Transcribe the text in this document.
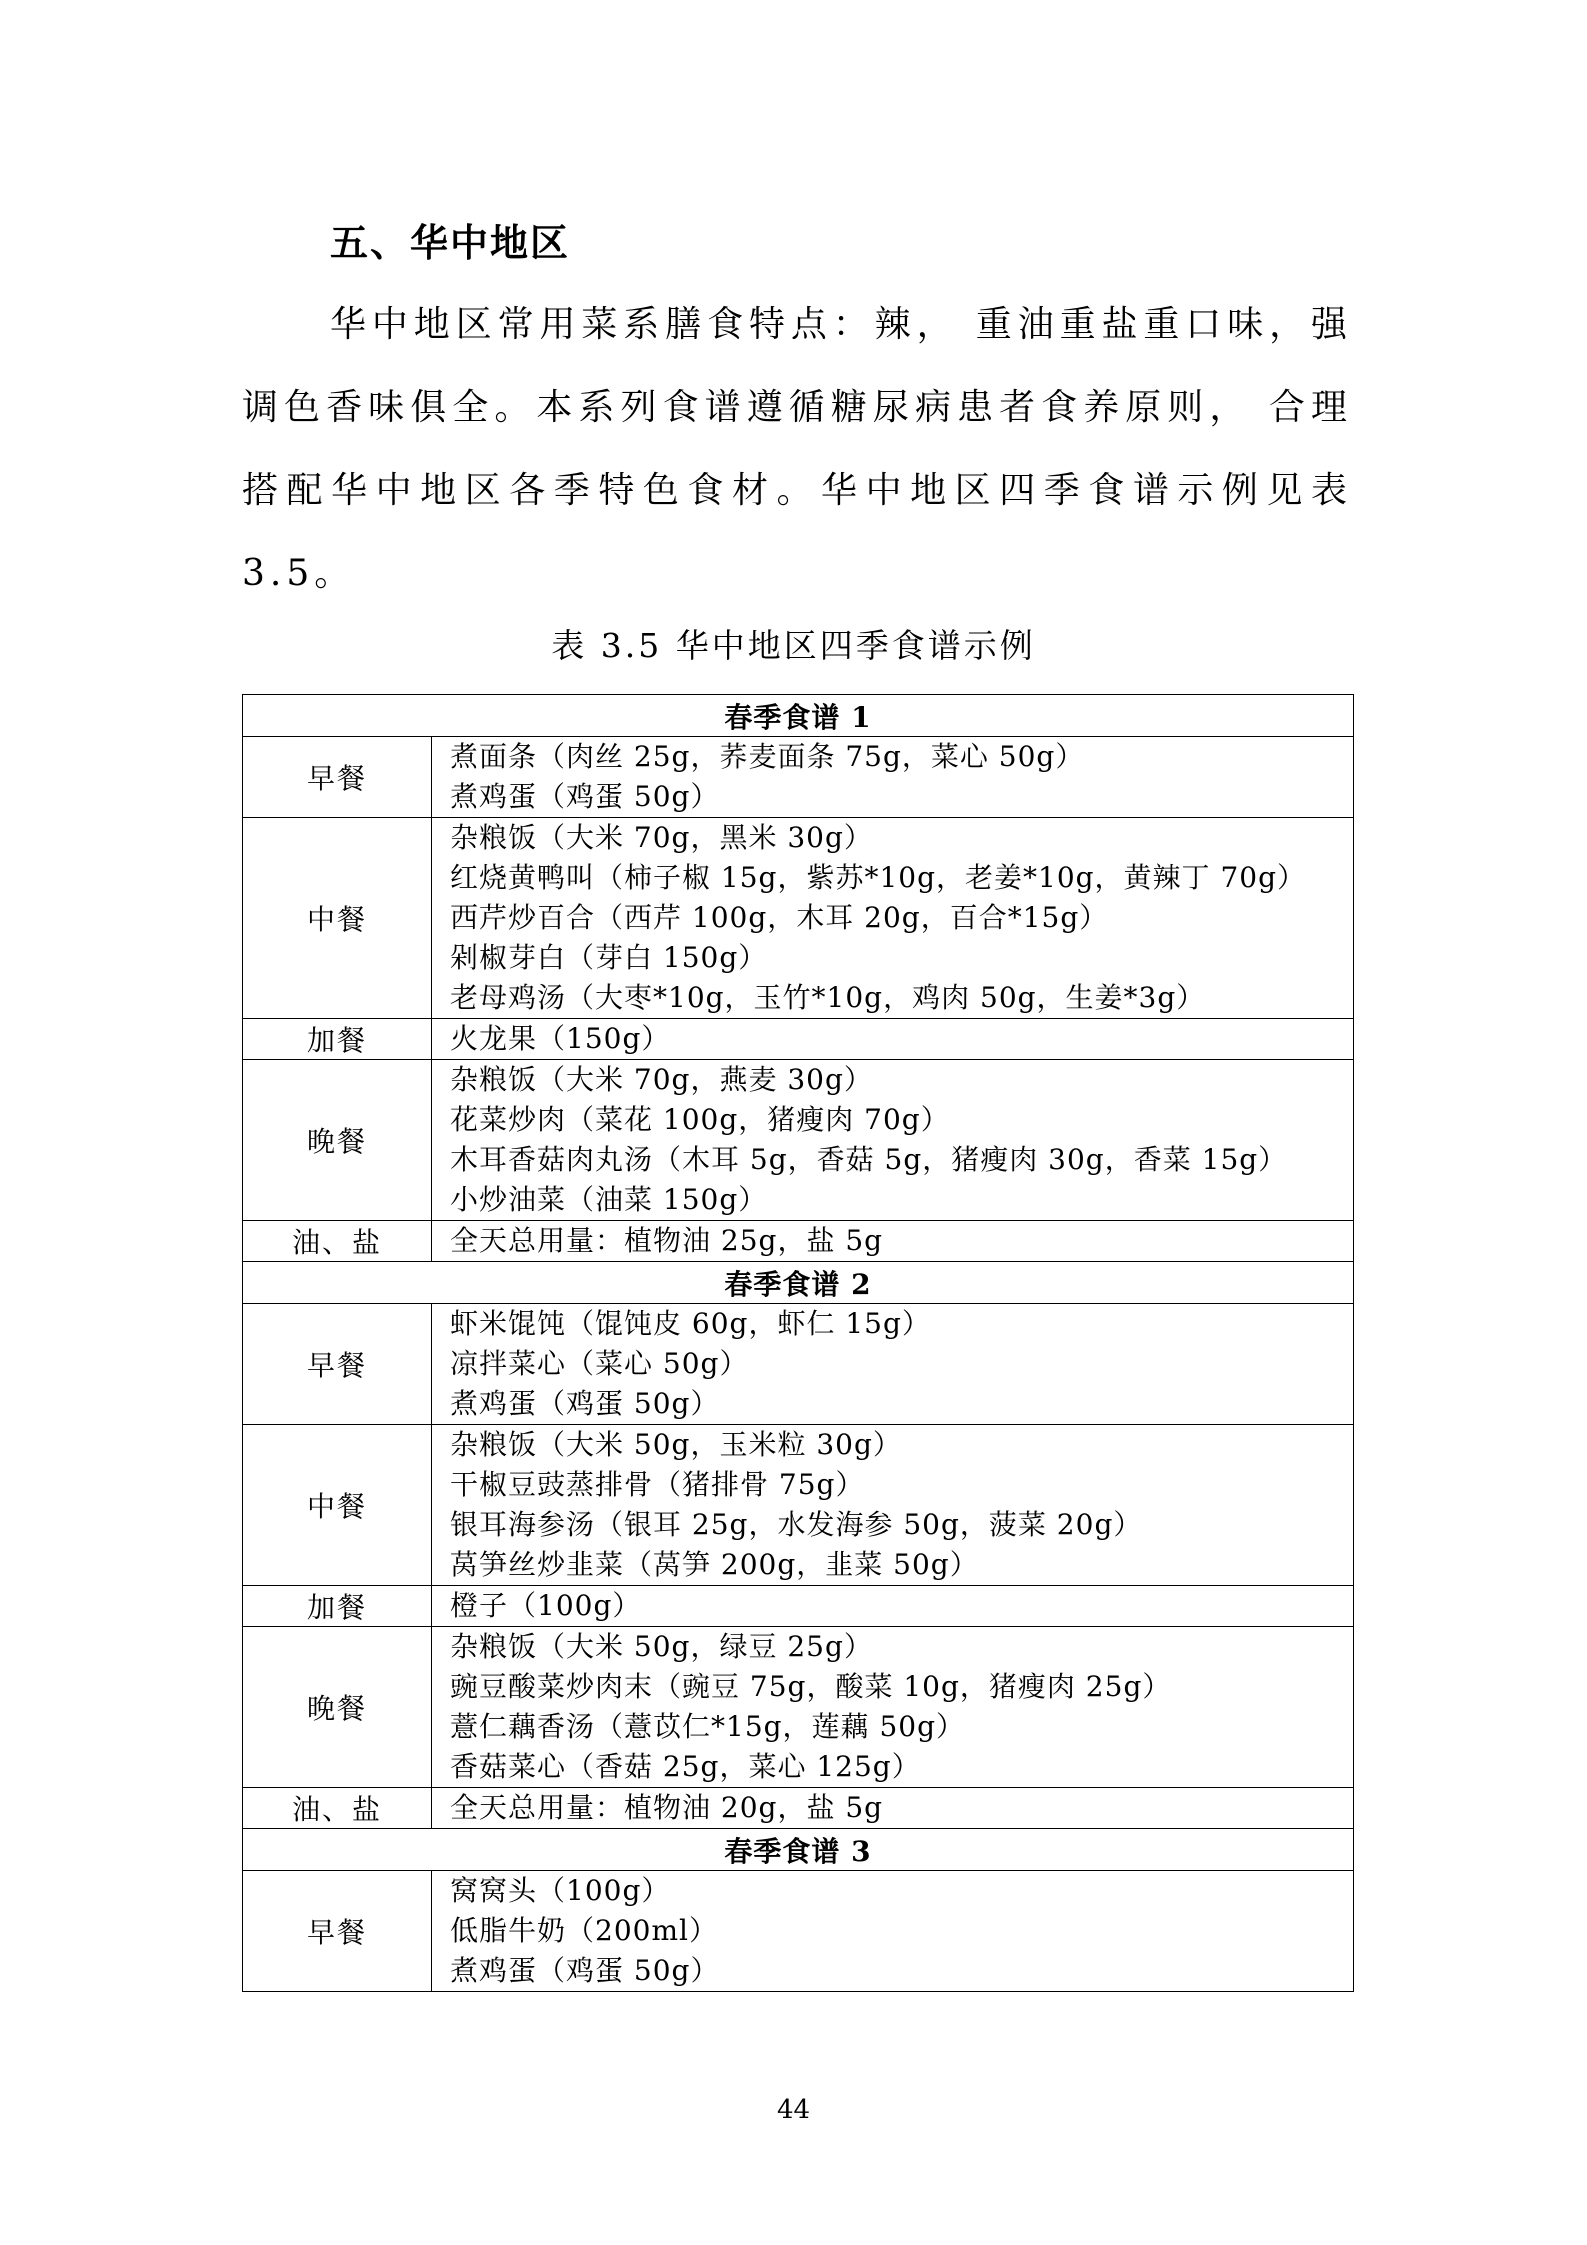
五、华中地区

华中地区常用菜系膳食特点：辣， 重油重盐重口味，强调色香味俱全。本系列食谱遵循糖尿病患者食养原则， 合理搭配华中地区各季特色食材。华中地区四季食谱示例见表3.5。

表 3.5 华中地区四季食谱示例

春季食谱 1	
早餐	煮面条（肉丝 25g，荞麦面条 75g，菜心 50g）
煮鸡蛋（鸡蛋 50g）

中餐	杂粮饭（大米 70g，黑米 30g）
红烧黄鸭叫（柿子椒 15g，紫苏*10g，老姜*10g，黄辣丁 70g）
西芹炒百合（西芹 100g，木耳 20g，百合*15g）
剁椒芽白（芽白 150g）
老母鸡汤（大枣*10g，玉竹*10g，鸡肉 50g，生姜*3g）

加餐	火龙果（150g）

晚餐	杂粮饭（大米 70g，燕麦 30g）
花菜炒肉（菜花 100g，猪瘦肉 70g）
木耳香菇肉丸汤（木耳 5g，香菇 5g，猪瘦肉 30g，香菜 15g）
小炒油菜（油菜 150g）

油、盐	全天总用量：植物油 25g，盐 5g

春季食谱 2	
早餐	虾米馄饨（馄饨皮 60g，虾仁 15g）
凉拌菜心（菜心 50g）
煮鸡蛋（鸡蛋 50g）

中餐	杂粮饭（大米 50g，玉米粒 30g）
干椒豆豉蒸排骨（猪排骨 75g）
银耳海参汤（银耳 25g，水发海参 50g，菠菜 20g）
莴笋丝炒韭菜（莴笋 200g，韭菜 50g）

加餐	橙子（100g）

晚餐	杂粮饭（大米 50g，绿豆 25g）
豌豆酸菜炒肉末（豌豆 75g，酸菜 10g，猪瘦肉 25g）
薏仁藕香汤（薏苡仁*15g，莲藕 50g）
香菇菜心（香菇 25g，菜心 125g）

油、盐	全天总用量：植物油 20g，盐 5g

春季食谱 3	
早餐	窝窝头（100g）
低脂牛奶（200ml）
煮鸡蛋（鸡蛋 50g）

44
